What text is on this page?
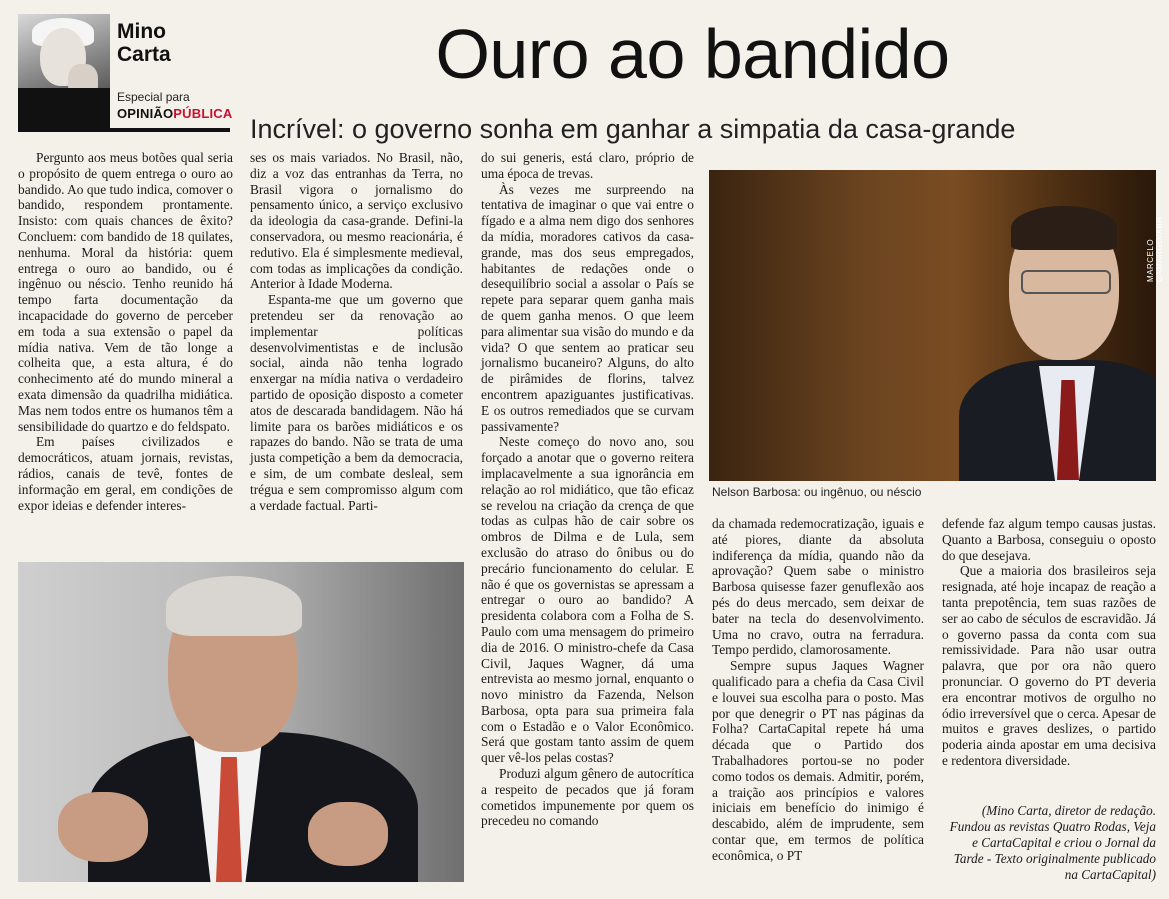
Mino
Carta
Especial para
OPINIÃOPÚBLICA
Ouro ao bandido
Incrível: o governo sonha em ganhar a simpatia da casa-grande

Pergunto aos meus botões qual seria o propósito de quem entrega o ouro ao bandido. Ao que tudo indica, comover o bandido, respondem prontamente. Insisto: com quais chances de êxito? Concluem: com bandido de 18 quilates, nenhuma. Moral da história: quem entrega o ouro ao bandido, ou é ingênuo ou néscio. Tenho reunido há tempo farta documentação da incapacidade do governo de perceber em toda a sua extensão o papel da mídia nativa. Vem de tão longe a colheita que, a esta altura, é do conhecimento até do mundo mineral a exata dimensão da quadrilha midiática. Mas nem todos entre os humanos têm a sensibilidade do quartzo e do feldspato.

Em países civilizados e democráticos, atuam jornais, revistas, rádios, canais de tevê, fontes de informação em geral, em condições de expor ideias e defender interes-

ses os mais variados. No Brasil, não, diz a voz das entranhas da Terra, no Brasil vigora o jornalismo do pensamento único, a serviço exclusivo da ideologia da casa-grande. Defini-la conservadora, ou mesmo reacionária, é redutivo. Ela é simplesmente medieval, com todas as implicações da condição. Anterior à Idade Moderna.

Espanta-me que um governo que pretendeu ser da renovação ao implementar políticas desenvolvimentistas e de inclusão social, ainda não tenha logrado enxergar na mídia nativa o verdadeiro partido de oposição disposto a cometer atos de descarada bandidagem. Não há limite para os barões midiáticos e os rapazes do bando. Não se trata de uma justa competição a bem da democracia, e sim, de um combate desleal, sem trégua e sem compromisso algum com a verdade factual. Parti-

do sui generis, está claro, próprio de uma época de trevas.

Às vezes me surpreendo na tentativa de imaginar o que vai entre o fígado e a alma nem digo dos senhores da mídia, moradores cativos da casa-grande, mas dos seus empregados, habitantes de redações onde o desequilíbrio social a assolar o País se repete para separar quem ganha mais de quem ganha menos. O que leem para alimentar sua visão do mundo e da vida? O que sentem ao praticar seu jornalismo bucaneiro? Alguns, do alto de pirâmides de florins, talvez encontrem apaziguantes justificativas. E os outros remediados que se curvam passivamente?

Neste começo do novo ano, sou forçado a anotar que o governo reitera implacavelmente a sua ignorância em relação ao rol midiático, que tão eficaz se revelou na criação da crença de que todas as culpas hão de cair sobre os ombros de Dilma e de Lula, sem exclusão do atraso do ônibus ou do precário funcionamento do celular. E não é que os governistas se apressam a entregar o ouro ao bandido? A presidenta colabora com a Folha de S. Paulo com uma mensagem do primeiro dia de 2016. O ministro-chefe da Casa Civil, Jaques Wagner, dá uma entrevista ao mesmo jornal, enquanto o novo ministro da Fazenda, Nelson Barbosa, opta para sua primeira fala com o Estadão e o Valor Econômico. Será que gostam tanto assim de quem quer vê-los pelas costas?

Produzi algum gênero de autocrítica a respeito de pecados que já foram cometidos impunemente por quem os precedeu no comando

MARCELO CAMARGO/ABR
Nelson Barbosa: ou ingênuo, ou néscio

da chamada redemocratização, iguais e até piores, diante da absoluta indiferença da mídia, quando não da aprovação? Quem sabe o ministro Barbosa quisesse fazer genuflexão aos pés do deus mercado, sem deixar de bater na tecla do desenvolvimento. Uma no cravo, outra na ferradura. Tempo perdido, clamorosamente.

Sempre supus Jaques Wagner qualificado para a chefia da Casa Civil e louvei sua escolha para o posto. Mas por que denegrir o PT nas páginas da Folha? CartaCapital repete há uma década que o Partido dos Trabalhadores portou-se no poder como todos os demais. Admitir, porém, a traição aos princípios e valores iniciais em benefício do inimigo é descabido, além de imprudente, sem contar que, em termos de política econômica, o PT

defende faz algum tempo causas justas. Quanto a Barbosa, conseguiu o oposto do que desejava.

Que a maioria dos brasileiros seja resignada, até hoje incapaz de reação a tanta prepotência, tem suas razões de ser ao cabo de séculos de escravidão. Já o governo passa da conta com sua remissividade. Para não usar outra palavra, que por ora não quero pronunciar. O governo do PT deveria era encontrar motivos de orgulho no ódio irreversível que o cerca. Apesar de muitos e graves deslizes, o partido poderia ainda apostar em uma decisiva e redentora diversidade.

(Mino Carta, diretor de redação. Fundou as revistas Quatro Rodas, Veja e CartaCapital e criou o Jornal da Tarde - Texto originalmente publicado na CartaCapital)
